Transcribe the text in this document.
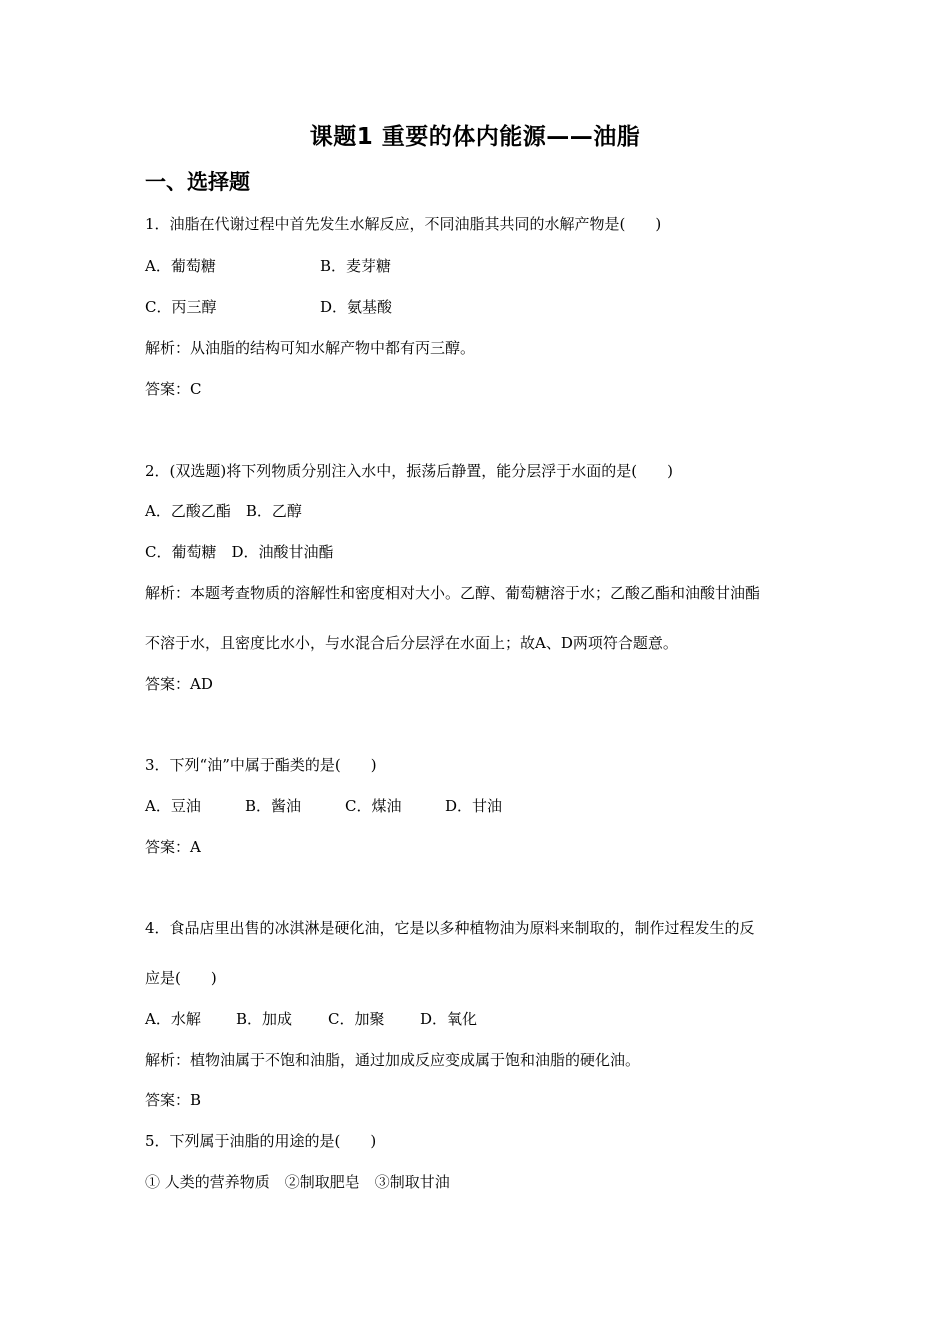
课题1 重要的体内能源——油脂
一、选择题
1．油脂在代谢过程中首先发生水解反应，不同油脂其共同的水解产物是(　　)
A．葡萄糖	B．麦芽糖
C．丙三醇	D．氨基酸
解析：从油脂的结构可知水解产物中都有丙三醇。
答案：C
2．(双选题)将下列物质分别注入水中，振荡后静置，能分层浮于水面的是(　　)
A．乙酸乙酯　B．乙醇
C．葡萄糖　D．油酸甘油酯
解析：本题考查物质的溶解性和密度相对大小。乙醇、葡萄糖溶于水；乙酸乙酯和油酸甘油酯
不溶于水，且密度比水小，与水混合后分层浮在水面上；故A、D两项符合题意。
答案：AD
3．下列“油”中属于酯类的是(　　)
A．豆油	B．酱油	C．煤油	D．甘油
答案：A
4．食品店里出售的冰淇淋是硬化油，它是以多种植物油为原料来制取的，制作过程发生的反
应是(　　)
A．水解 B．加成 C．加聚 D．氧化
解析：植物油属于不饱和油脂，通过加成反应变成属于饱和油脂的硬化油。
答案：B
5．下列属于油脂的用途的是(　　)
① 人类的营养物质　②制取肥皂　③制取甘油
